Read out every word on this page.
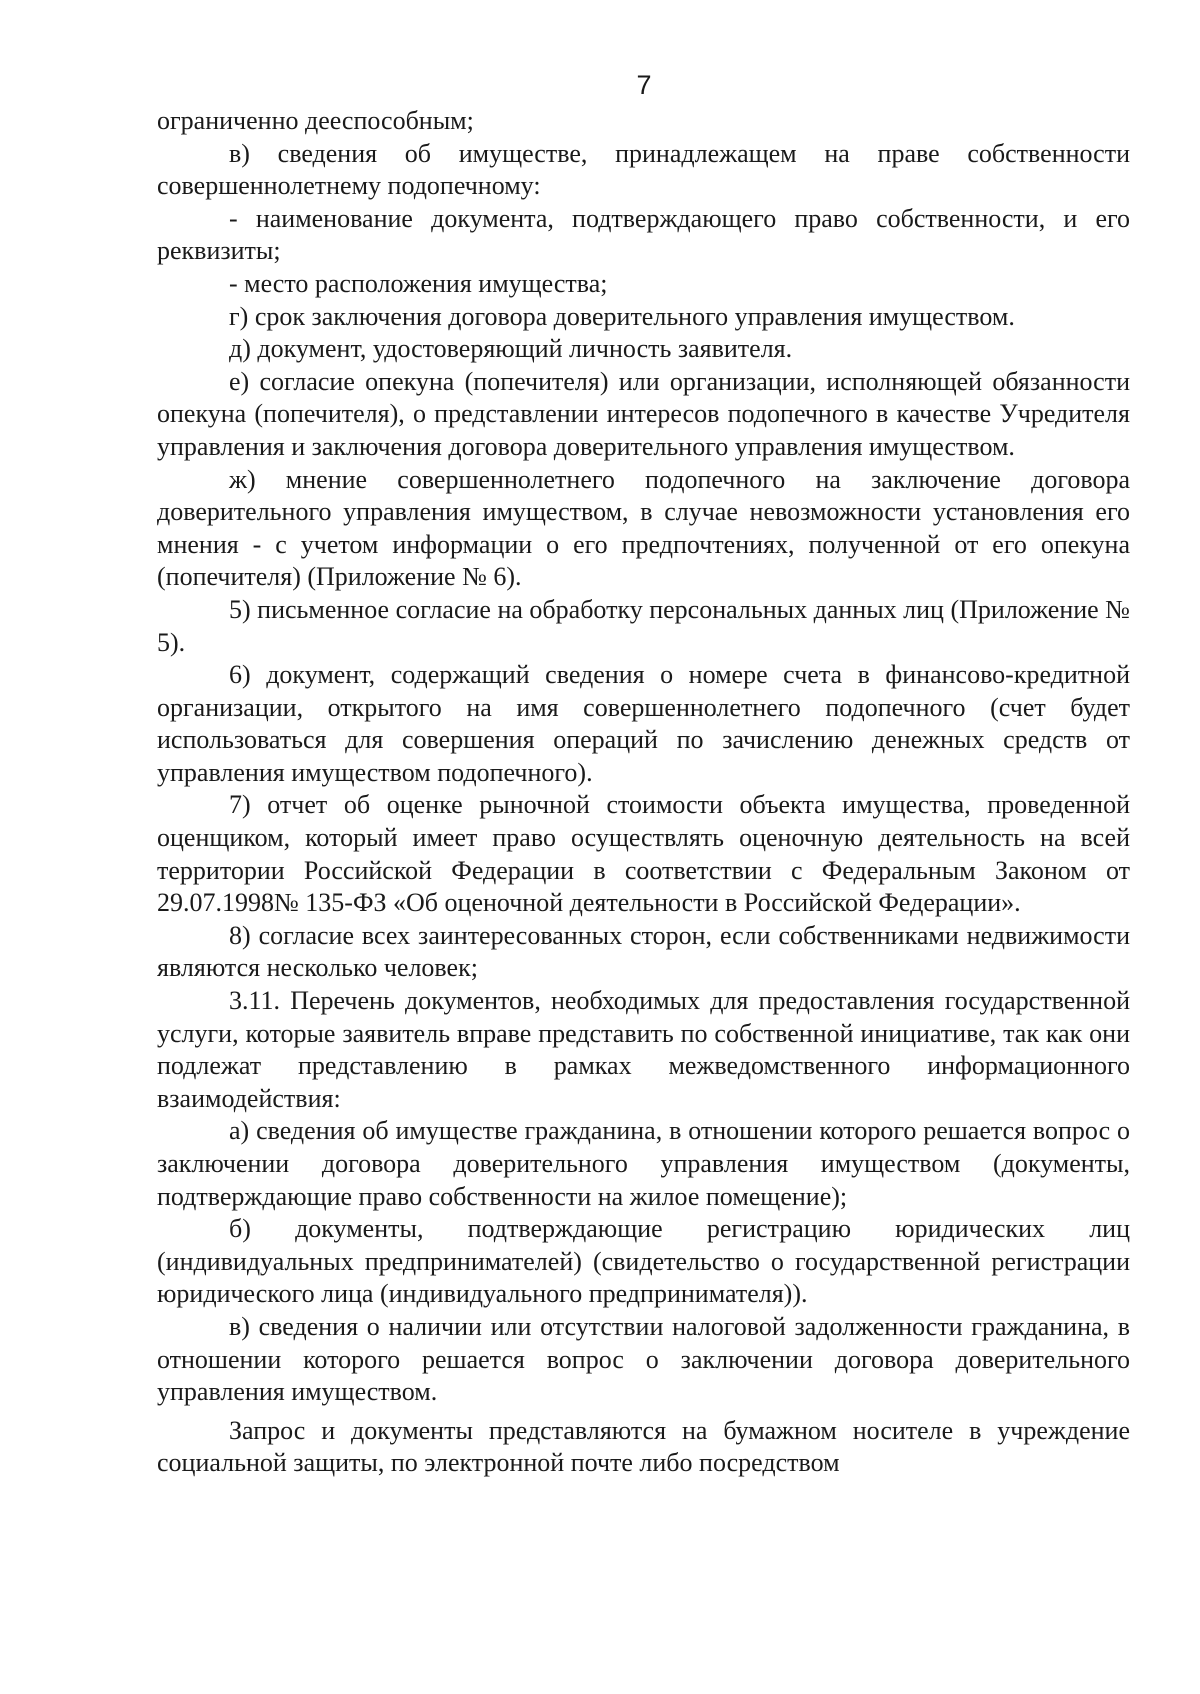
7

ограниченно дееспособным;

в) сведения об имуществе, принадлежащем на праве собственности совершеннолетнему подопечному:

- наименование документа, подтверждающего право собственности, и его реквизиты;

- место расположения имущества;

г) срок заключения договора доверительного управления имуществом.

д) документ, удостоверяющий личность заявителя.

е) согласие опекуна (попечителя) или организации, исполняющей обязанности опекуна (попечителя), о представлении интересов подопечного в качестве Учредителя управления и заключения договора доверительного управления имуществом.

ж) мнение совершеннолетнего подопечного на заключение договора доверительного управления имуществом, в случае невозможности установления его мнения - с учетом информации о его предпочтениях, полученной от его опекуна (попечителя) (Приложение № 6).

5) письменное согласие на обработку персональных данных лиц (Приложение № 5).

6) документ, содержащий сведения о номере счета в финансово-кредитной организации, открытого на имя совершеннолетнего подопечного (счет будет использоваться для совершения операций по зачислению денежных средств от управления имуществом подопечного).

7) отчет об оценке рыночной стоимости объекта имущества, проведенной оценщиком, который имеет право осуществлять оценочную деятельность на всей территории Российской Федерации в соответствии с Федеральным Законом от 29.07.1998№ 135-ФЗ «Об оценочной деятельности в Российской Федерации».

8) согласие всех заинтересованных сторон, если собственниками недвижимости являются несколько человек;

3.11. Перечень документов, необходимых для предоставления государственной услуги, которые заявитель вправе представить по собственной инициативе, так как они подлежат представлению в рамках межведомственного информационного взаимодействия:

а) сведения об имуществе гражданина, в отношении которого решается вопрос о заключении договора доверительного управления имуществом (документы, подтверждающие право собственности на жилое помещение);

б) документы, подтверждающие регистрацию юридических лиц (индивидуальных предпринимателей) (свидетельство о государственной регистрации юридического лица (индивидуального предпринимателя)).

в) сведения о наличии или отсутствии налоговой задолженности гражданина, в отношении которого решается вопрос о заключении договора доверительного управления имуществом.

Запрос и документы представляются на бумажном носителе в учреждение социальной защиты, по электронной почте либо посредством
